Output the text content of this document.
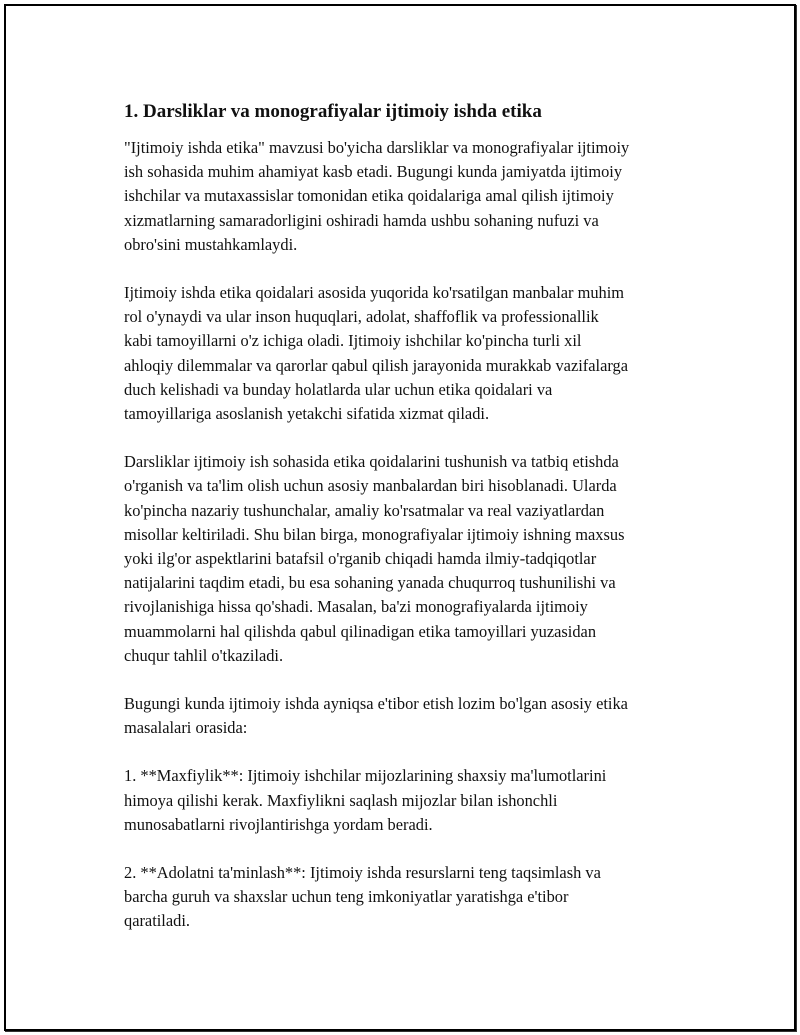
1. Darsliklar va monografiyalar ijtimoiy ishda etika
"Ijtimoiy ishda etika" mavzusi bo'yicha darsliklar va monografiyalar ijtimoiy
ish sohasida muhim ahamiyat kasb etadi. Bugungi kunda jamiyatda ijtimoiy
ishchilar va mutaxassislar tomonidan etika qoidalariga amal qilish ijtimoiy
xizmatlarning samaradorligini oshiradi hamda ushbu sohaning nufuzi va
obro'sini mustahkamlaydi.
Ijtimoiy ishda etika qoidalari asosida yuqorida ko'rsatilgan manbalar muhim
rol o'ynaydi va ular inson huquqlari, adolat, shaffoflik va professionallik
kabi tamoyillarni o'z ichiga oladi. Ijtimoiy ishchilar ko'pincha turli xil
ahloqiy dilemmalar va qarorlar qabul qilish jarayonida murakkab vazifalarga
duch kelishadi va bunday holatlarda ular uchun etika qoidalari va
tamoyillariga asoslanish yetakchi sifatida xizmat qiladi.
Darsliklar ijtimoiy ish sohasida etika qoidalarini tushunish va tatbiq etishda
o'rganish va ta'lim olish uchun asosiy manbalardan biri hisoblanadi. Ularda
ko'pincha nazariy tushunchalar, amaliy ko'rsatmalar va real vaziyatlardan
misollar keltiriladi. Shu bilan birga, monografiyalar ijtimoiy ishning maxsus
yoki ilg'or aspektlarini batafsil o'rganib chiqadi hamda ilmiy-tadqiqotlar
natijalarini taqdim etadi, bu esa sohaning yanada chuqurroq tushunilishi va
rivojlanishiga hissa qo'shadi. Masalan, ba'zi monografiyalarda ijtimoiy
muammolarni hal qilishda qabul qilinadigan etika tamoyillari yuzasidan
chuqur tahlil o'tkaziladi.
Bugungi kunda ijtimoiy ishda ayniqsa e'tibor etish lozim bo'lgan asosiy etika
masalalari orasida:
1. **Maxfiylik**: Ijtimoiy ishchilar mijozlarining shaxsiy ma'lumotlarini
himoya qilishi kerak. Maxfiylikni saqlash mijozlar bilan ishonchli
munosabatlarni rivojlantirishga yordam beradi.
2. **Adolatni ta'minlash**: Ijtimoiy ishda resurslarni teng taqsimlash va
barcha guruh va shaxslar uchun teng imkoniyatlar yaratishga e'tibor
qaratiladi.
